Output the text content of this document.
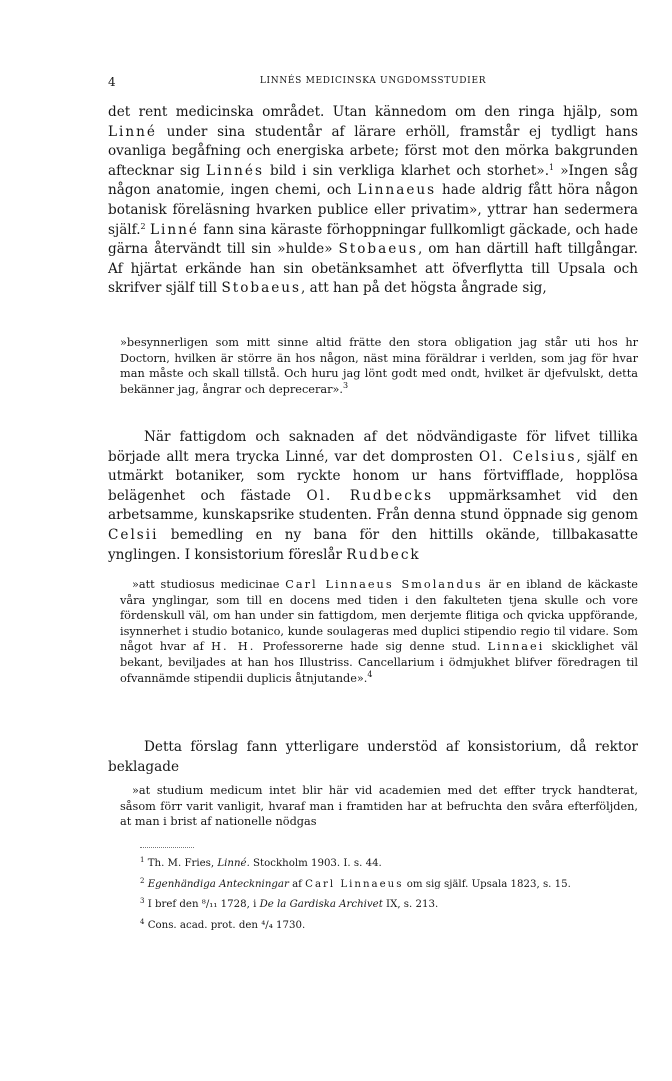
4	LINNÉS MEDICINSKA UNGDOMSSTUDIER

det rent medicinska området. Utan kännedom om den ringa hjälp, som Linné under sina studentår af lärare erhöll, framstår ej tydligt hans ovanliga begåfning och energiska arbete; först mot den mörka bakgrunden aftecknar sig Linnés bild i sin verkliga klarhet och storhet».$^1$ »Ingen såg någon anatomie, ingen chemi, och Linnaeus hade aldrig fått höra någon botanisk föreläsning hvarken publice eller privatim», yttrar han sedermera själf.$^2$ Linné fann sina käraste förhoppningar fullkomligt gäckade, och hade gärna återvändt till sin »hulde» Stobaeus, om han därtill haft tillgångar. Af hjärtat erkände han sin obetänksamhet att öfverflytta till Upsala och skrifver själf till Stobaeus, att han på det högsta ångrade sig,

»besynnerligen som mitt sinne altid frätte den stora obligation jag står uti hos hr Doctorn, hvilken är större än hos någon, näst mina föräldrar i verlden, som jag för hvar man måste och skall tillstå. Och huru jag lönt godt med ondt, hvilket är djefvulskt, detta bekänner jag, ångrar och deprecerar».$^3$

När fattigdom och saknaden af det nödvändigaste för lifvet tillika började allt mera trycka Linné, var det domprosten Ol. Celsius, själf en utmärkt botaniker, som ryckte honom ur hans förtvifflade, hopplösa belägenhet och fästade Ol. Rudbecks uppmärksamhet vid den arbetsamme, kunskapsrike studenten. Från denna stund öppnade sig genom Celsii bemedling en ny bana för den hittills okände, tillbakasatte ynglingen. I konsistorium föreslår Rudbeck

»att studiosus medicinae Carl Linnaeus Smolandus är en ibland de käckaste våra ynglingar, som till en docens med tiden i den fakulteten tjena skulle och vore fördenskull väl, om han under sin fattigdom, men derjemte flitiga och qvicka uppförande, isynnerhet i studio botanico, kunde soulageras med duplici stipendio regio til vidare. Som något hvar af H. H. Professorerne hade sig denne stud. Linnaei skicklighet väl bekant, beviljades at han hos Illustriss. Cancellarium i ödmjukhet blifver föredragen til ofvannämde stipendii duplicis åtnjutande».$^4$

Detta förslag fann ytterligare understöd af konsistorium, då rektor beklagade

»at studium medicum intet blir här vid academien med det effter tryck handterat, såsom förr varit vanligit, hvaraf man i framtiden har at befruchta den svåra efterföljden, at man i brist af nationelle nödgas

$^1$ Th. M. Fries, Linné. Stockholm 1903. I. s. 44.
$^2$ Egenhändiga Anteckningar af Carl Linnaeus om sig själf. Upsala 1823, s. 15.
$^3$ I bref den ⁸/₁₁ 1728, i De la Gardiska Archivet IX, s. 213.
$^4$ Cons. acad. prot. den ⁴/₄ 1730.
